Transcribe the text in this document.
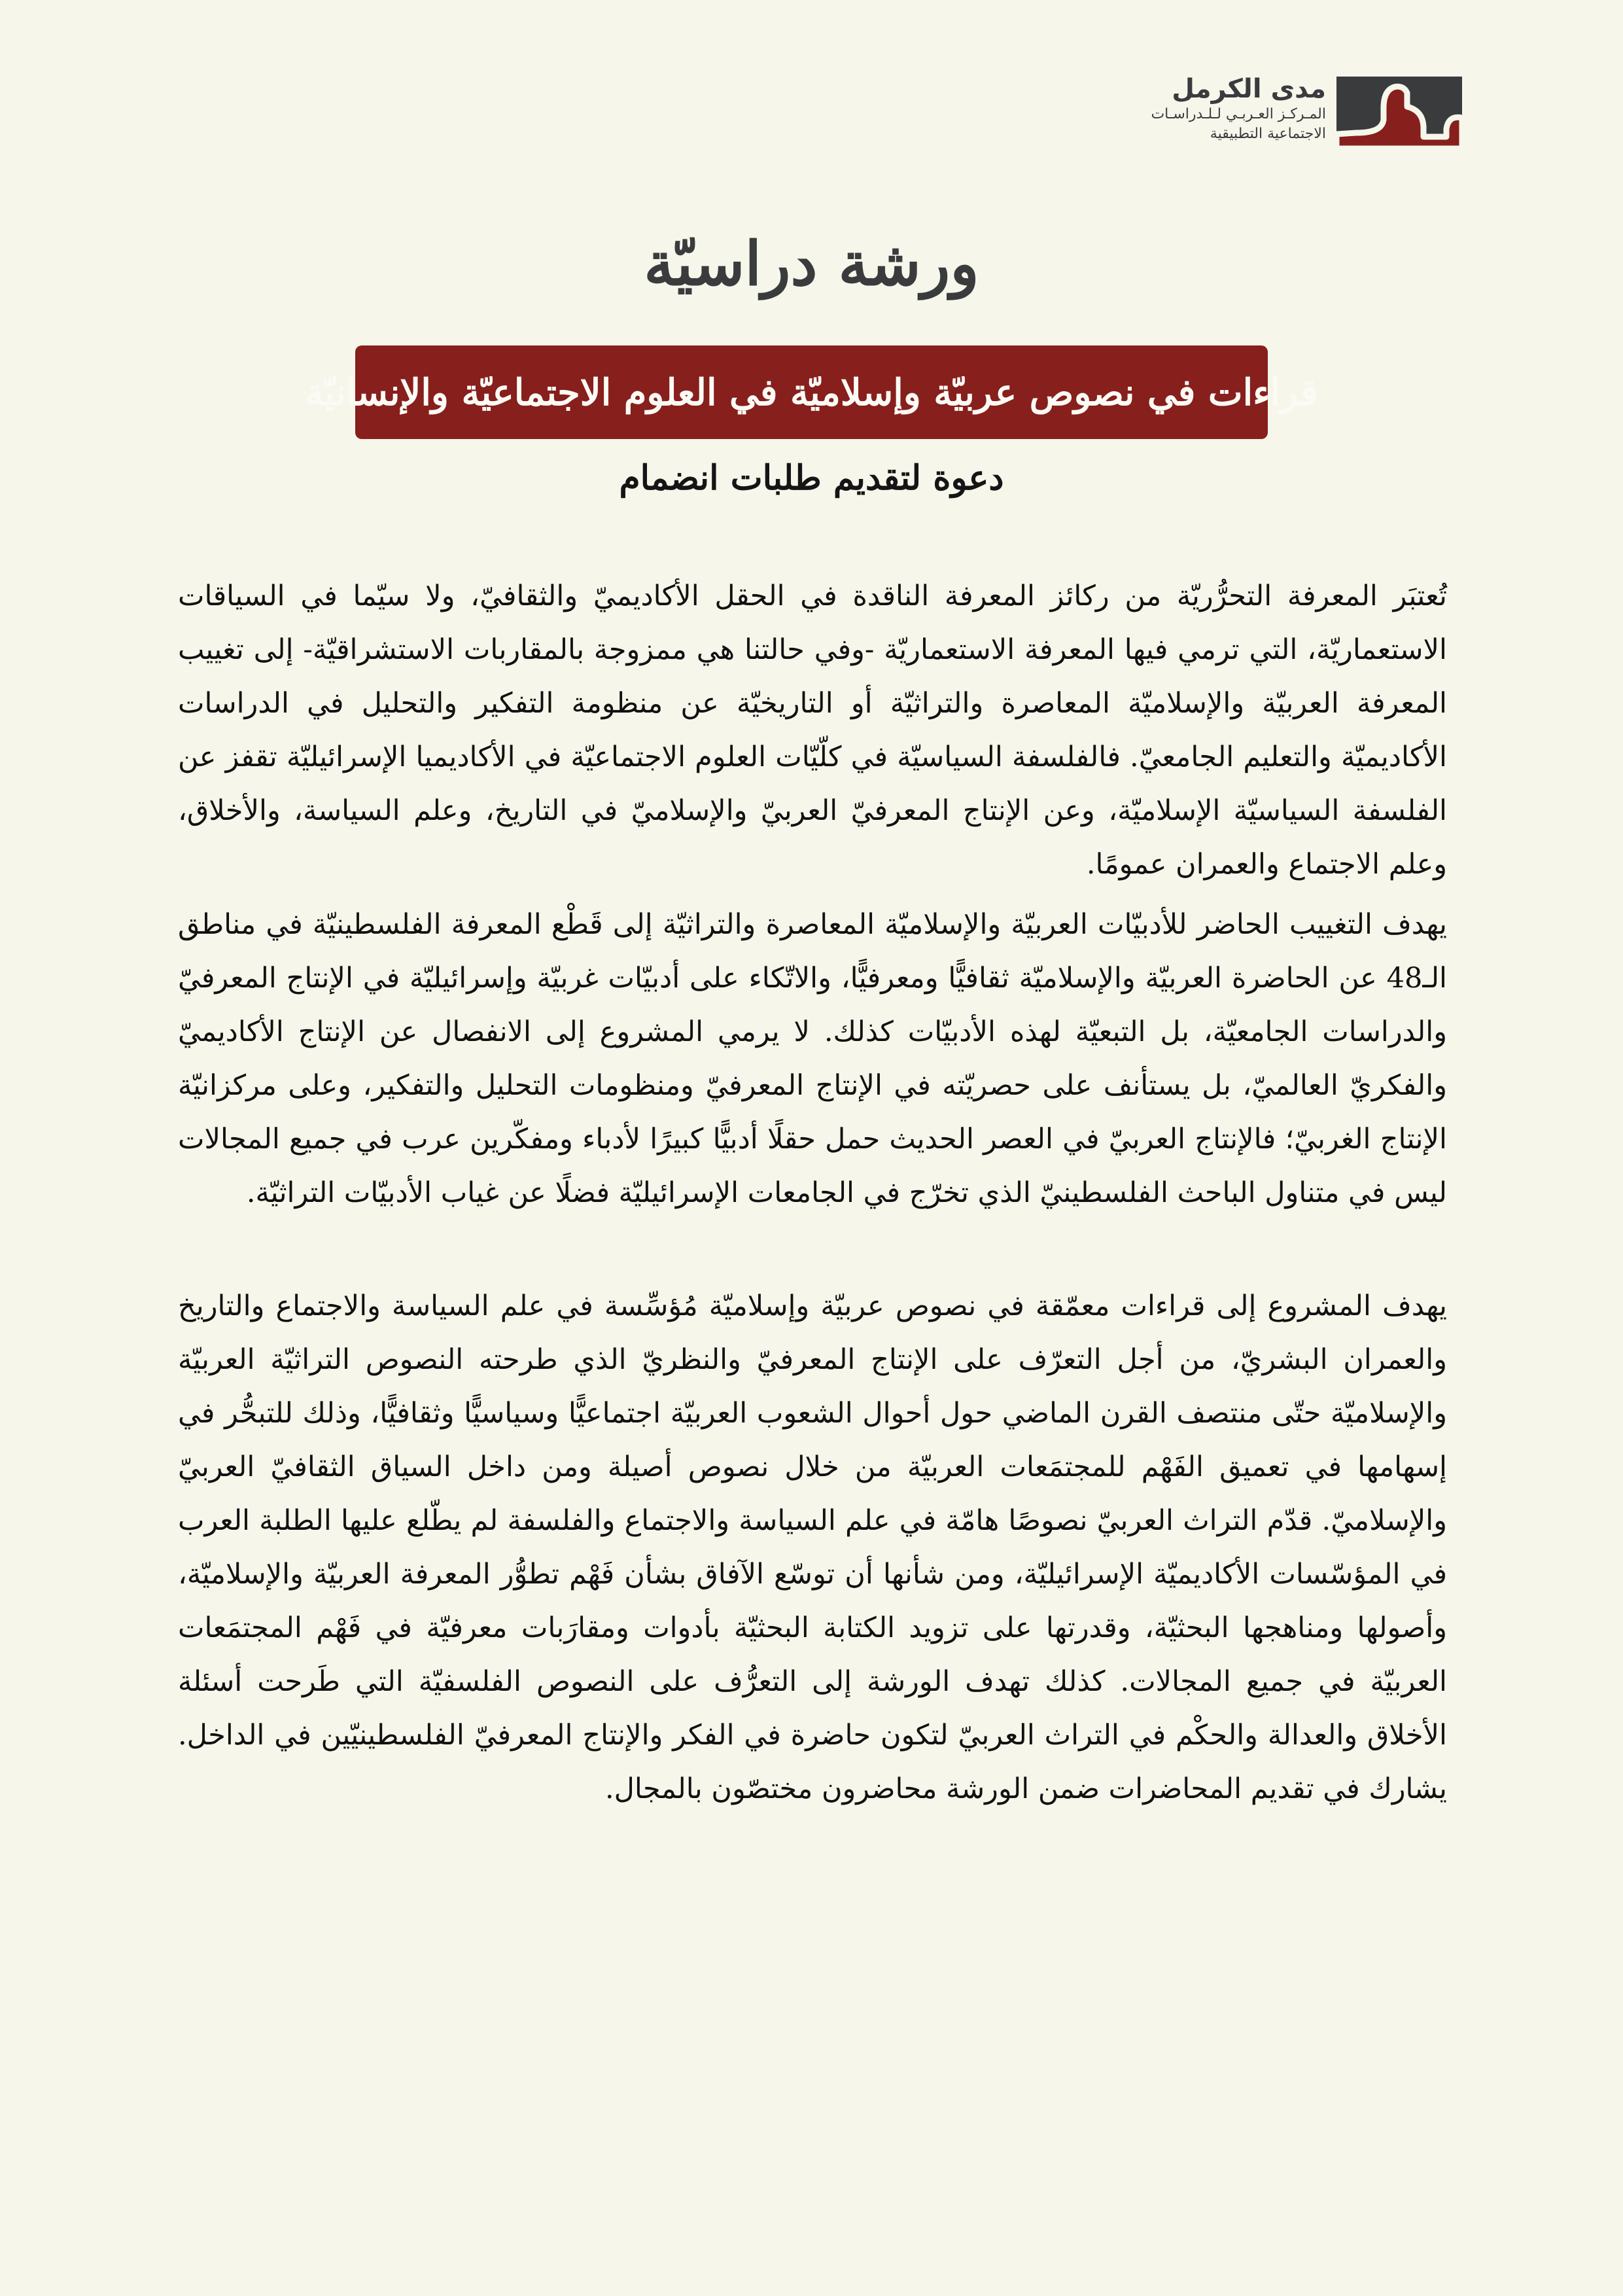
مدى الكرمل
المـركـز العـربـي لـلـدراسـات
الاجتماعية التطبيقية
ورشة دراسيّة
قراءات في نصوص عربيّة وإسلاميّة في العلوم الاجتماعيّة والإنسانيّة
دعوة لتقديم طلبات انضمام

تُعتبَر المعرفة التحرُّريّة من ركائز المعرفة الناقدة في الحقل الأكاديميّ والثقافيّ، ولا سيّما في السياقات الاستعماريّة، التي ترمي فيها المعرفة الاستعماريّة -وفي حالتنا هي ممزوجة بالمقاربات الاستشراقيّة- إلى تغييب المعرفة العربيّة والإسلاميّة المعاصرة والتراثيّة أو التاريخيّة عن منظومة التفكير والتحليل في الدراسات الأكاديميّة والتعليم الجامعيّ. فالفلسفة السياسيّة في كلّيّات العلوم الاجتماعيّة في الأكاديميا الإسرائيليّة تقفز عن الفلسفة السياسيّة الإسلاميّة، وعن الإنتاج المعرفيّ العربيّ والإسلاميّ في التاريخ، وعلم السياسة، والأخلاق، وعلم الاجتماع والعمران عمومًا.

يهدف التغييب الحاضر للأدبيّات العربيّة والإسلاميّة المعاصرة والتراثيّة إلى قَطْع المعرفة الفلسطينيّة في مناطق الـ48 عن الحاضرة العربيّة والإسلاميّة ثقافيًّا ومعرفيًّا، والاتّكاء على أدبيّات غربيّة وإسرائيليّة في الإنتاج المعرفيّ والدراسات الجامعيّة، بل التبعيّة لهذه الأدبيّات كذلك. لا يرمي المشروع إلى الانفصال عن الإنتاج الأكاديميّ والفكريّ العالميّ، بل يستأنف على حصريّته في الإنتاج المعرفيّ ومنظومات التحليل والتفكير، وعلى مركزانيّة الإنتاج الغربيّ؛ فالإنتاج العربيّ في العصر الحديث حمل حقلًا أدبيًّا كبيرًا لأدباء ومفكّرين عرب في جميع المجالات ليس في متناول الباحث الفلسطينيّ الذي تخرّج في الجامعات الإسرائيليّة فضلًا عن غياب الأدبيّات التراثيّة.

يهدف المشروع إلى قراءات معمّقة في نصوص عربيّة وإسلاميّة مُؤسِّسة في علم السياسة والاجتماع والتاريخ والعمران البشريّ، من أجل التعرّف على الإنتاج المعرفيّ والنظريّ الذي طرحته النصوص التراثيّة العربيّة والإسلاميّة حتّى منتصف القرن الماضي حول أحوال الشعوب العربيّة اجتماعيًّا وسياسيًّا وثقافيًّا، وذلك للتبحُّر في إسهامها في تعميق الفَهْم للمجتمَعات العربيّة من خلال نصوص أصيلة ومن داخل السياق الثقافيّ العربيّ والإسلاميّ. قدّم التراث العربيّ نصوصًا هامّة في علم السياسة والاجتماع والفلسفة لم يطّلع عليها الطلبة العرب في المؤسّسات الأكاديميّة الإسرائيليّة، ومن شأنها أن توسّع الآفاق بشأن فَهْم تطوُّر المعرفة العربيّة والإسلاميّة، وأصولها ومناهجها البحثيّة، وقدرتها على تزويد الكتابة البحثيّة بأدوات ومقارَبات معرفيّة في فَهْم المجتمَعات العربيّة في جميع المجالات. كذلك تهدف الورشة إلى التعرُّف على النصوص الفلسفيّة التي طَرحت أسئلة الأخلاق والعدالة والحكْم في التراث العربيّ لتكون حاضرة في الفكر والإنتاج المعرفيّ الفلسطينيّين في الداخل. يشارك في تقديم المحاضرات ضمن الورشة محاضرون مختصّون بالمجال.
